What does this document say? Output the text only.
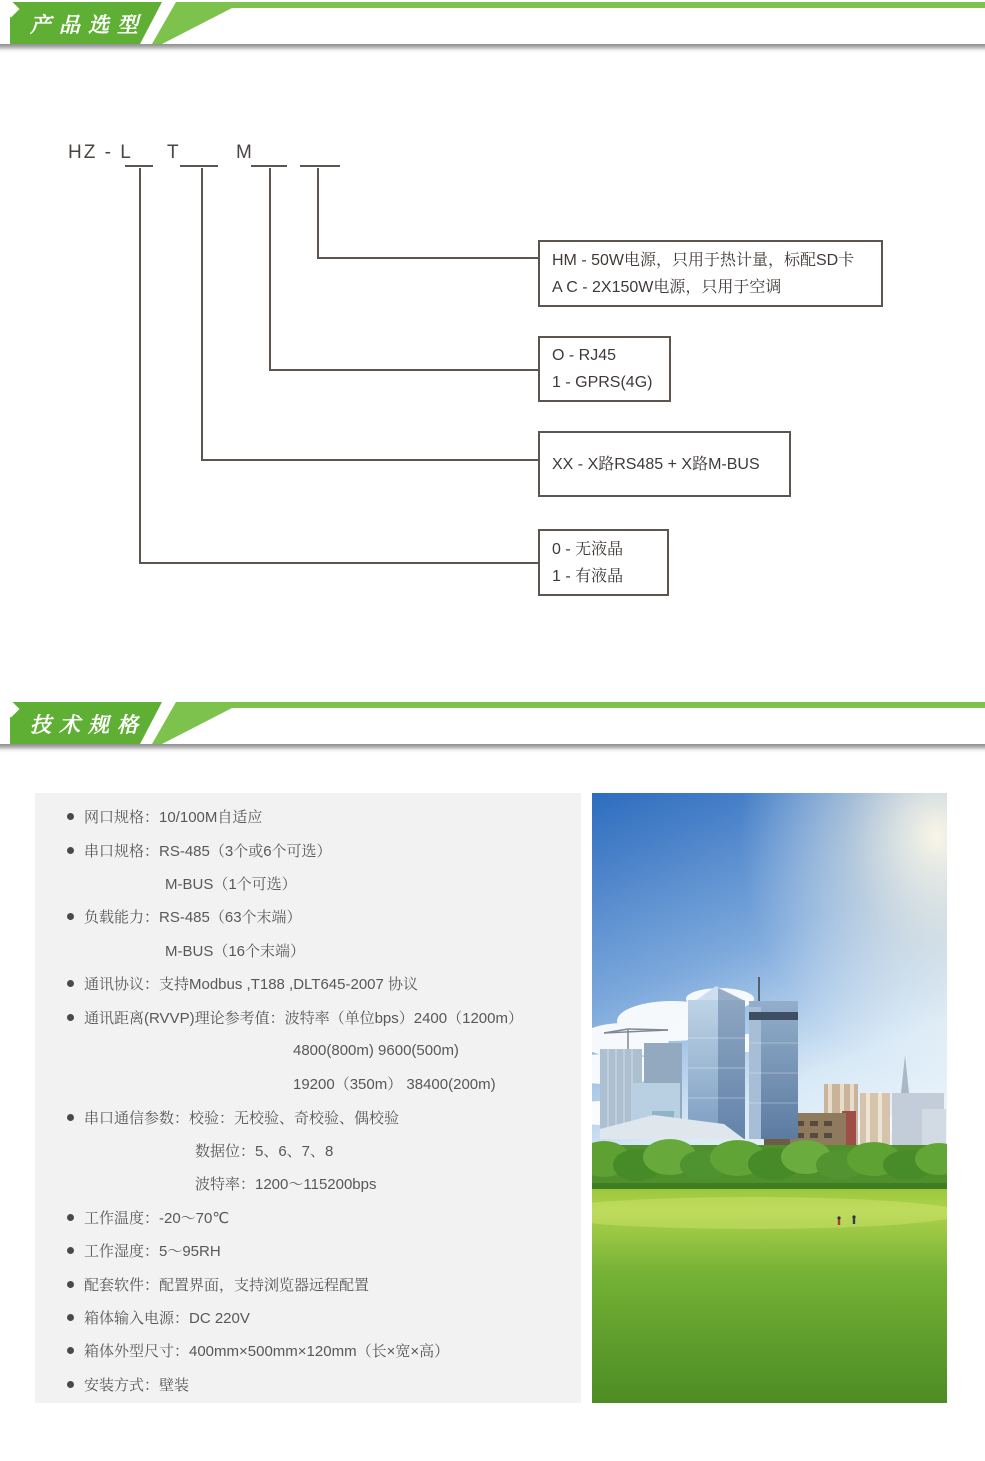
产品选型
HZ - L T	M
HM - 50W电源，只用于热计量，标配SD卡
A C - 2X150W电源，只用于空调
O - RJ45
1 - GPRS(4G)
XX - X路RS485 + X路M-BUS
0 - 无液晶
1 - 有液晶
技术规格
网口规格：10/100M自适应
串口规格：RS-485（3个或6个可选）
M-BUS（1个可选）
负载能力：RS-485（63个末端）
M-BUS（16个末端）
通讯协议：支持Modbus ,T188 ,DLT645-2007 协议
通讯距离(RVVP)理论参考值：波特率（单位bps）2400（1200m）
4800(800m) 9600(500m)
19200（350m） 38400(200m)
串口通信参数：校验：无校验、奇校验、偶校验
数据位：5、6、7、8
波特率：1200～115200bps
工作温度：-20～70℃
工作湿度：5～95RH
配套软件：配置界面，支持浏览器远程配置
箱体输入电源：DC 220V
箱体外型尺寸：400mm×500mm×120mm（长×宽×高）
安装方式：壁装
